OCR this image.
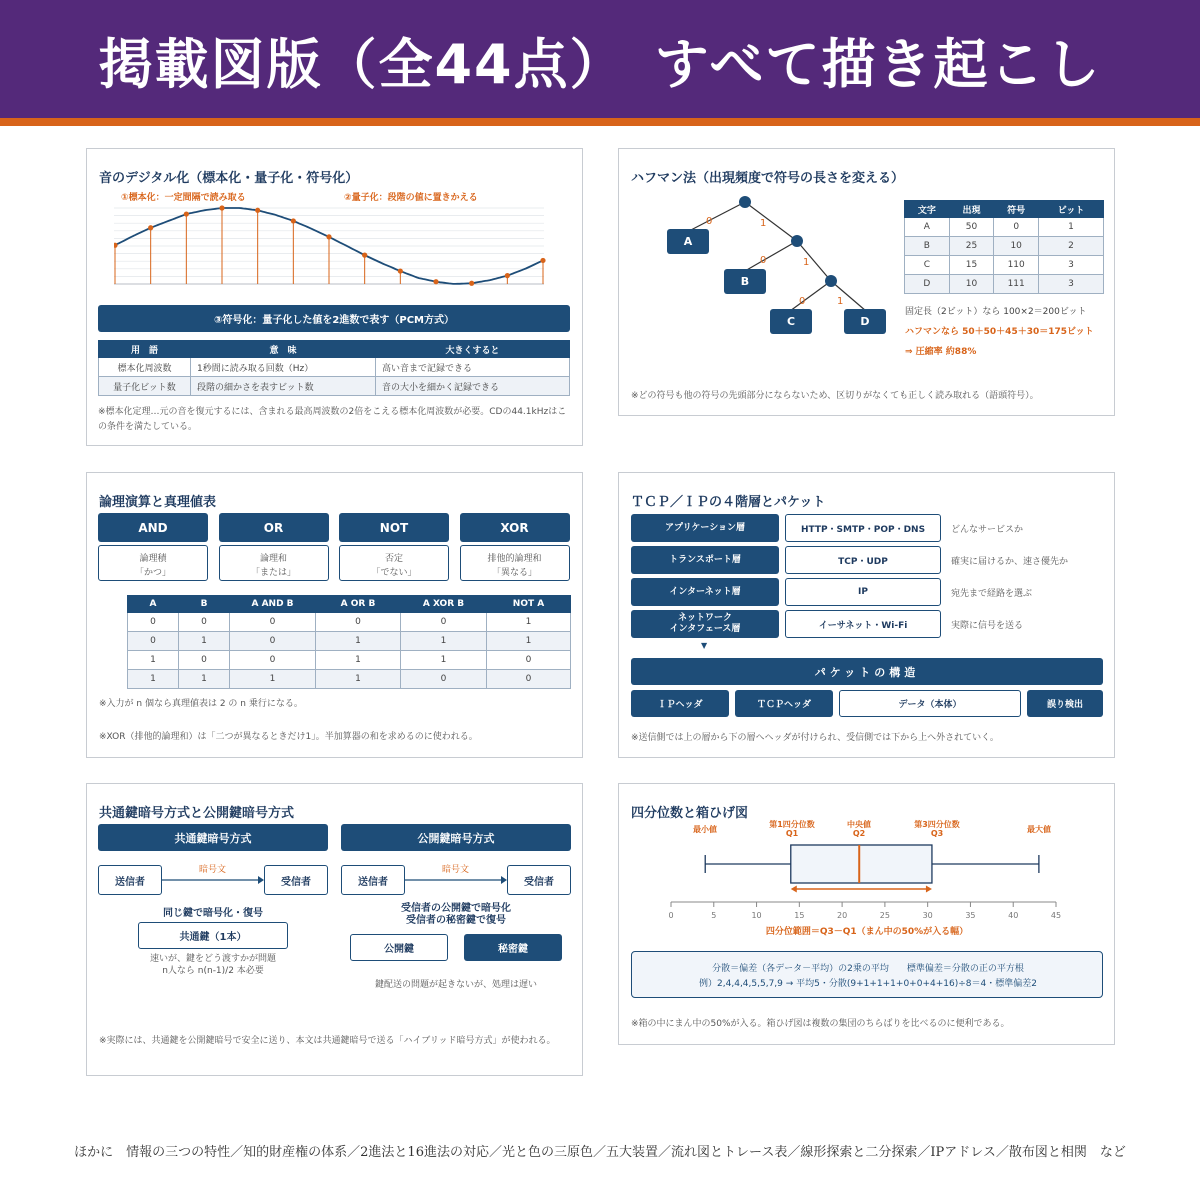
掲載図版（全44点）　すべて描き起こし
音のデジタル化（標本化・量子化・符号化）
①標本化：一定間隔で読み取る	②量子化：段階の値に置きかえる
③符号化：量子化した値を2進数で表す（PCM方式）
用　語	意　味	大きくすると
標本化周波数	1秒間に読み取る回数（Hz）	高い音まで記録できる
量子化ビット数	段階の細かさを表すビット数	音の大小を細かく記録できる
※標本化定理…元の音を復元するには、含まれる最高周波数の2倍をこえる標本化周波数が必要。CDの44.1kHzはこの条件を満たしている。
ハフマン法（出現頻度で符号の長さを変える）
0	1
0	1
0	1
A
B
C	D
文字	出現	符号	ビット
A	50	0	1
B	25	10	2
C	15	110	3
D	10	111	3
固定長（2ビット）なら 100×2＝200ビット
ハフマンなら 50＋50＋45＋30＝175ビット
⇒ 圧縮率 約88%
※どの符号も他の符号の先頭部分にならないため、区切りがなくても正しく読み取れる（語頭符号）。
論理演算と真理値表
AND
論理積
「かつ」
OR
論理和
「または」
NOT
否定
「でない」
XOR
排他的論理和
「異なる」
A	B	A AND B	A OR B	A XOR B	NOT A
0	0	0	0	0	1
0	1	0	1	1	1
1	0	0	1	1	0
1	1	1	1	0	0
※入力が n 個なら真理値表は 2 の n 乗行になる。
※XOR（排他的論理和）は「二つが異なるときだけ1」。半加算器の和を求めるのに使われる。
ＴＣＰ／ＩＰの４階層とパケット
アプリケーション層	HTTP・SMTP・POP・DNS	どんなサービスか
トランスポート層	TCP・UDP	確実に届けるか、速さ優先か
インターネット層	IP	宛先まで経路を選ぶ
ネットワーク
インタフェース層	イーサネット・Wi-Fi	実際に信号を送る
▼
パケットの構造
ＩＰヘッダ	ＴＣＰヘッダ	データ（本体）	誤り検出
※送信側では上の層から下の層へヘッダが付けられ、受信側では下から上へ外されていく。
共通鍵暗号方式と公開鍵暗号方式
共通鍵暗号方式
送信者	受信者
暗号文
同じ鍵で暗号化・復号
共通鍵（1本）
速いが、鍵をどう渡すかが問題
n人なら n(n-1)/2 本必要
公開鍵暗号方式
送信者	受信者
暗号文
受信者の公開鍵で暗号化
受信者の秘密鍵で復号
公開鍵	秘密鍵
鍵配送の問題が起きないが、処理は遅い
※実際には、共通鍵を公開鍵暗号で安全に送り、本文は共通鍵暗号で送る「ハイブリッド暗号方式」が使われる。
四分位数と箱ひげ図
最小値
第1四分位数
Q1
中央値
Q2
第3四分位数
Q3	最大値
0	5	10	15	20	25	30	35	40	45
四分位範囲＝Q3－Q1（まん中の50%が入る幅）
分散＝偏差（各データ－平均）の2乗の平均　　標準偏差＝分散の正の平方根
例）2,4,4,4,5,5,7,9 → 平均5・分散(9+1+1+1+0+0+4+16)÷8＝4・標準偏差2
※箱の中にまん中の50%が入る。箱ひげ図は複数の集団のちらばりを比べるのに便利である。
ほかに　情報の三つの特性／知的財産権の体系／2進法と16進法の対応／光と色の三原色／五大装置／流れ図とトレース表／線形探索と二分探索／IPアドレス／散布図と相関　など
